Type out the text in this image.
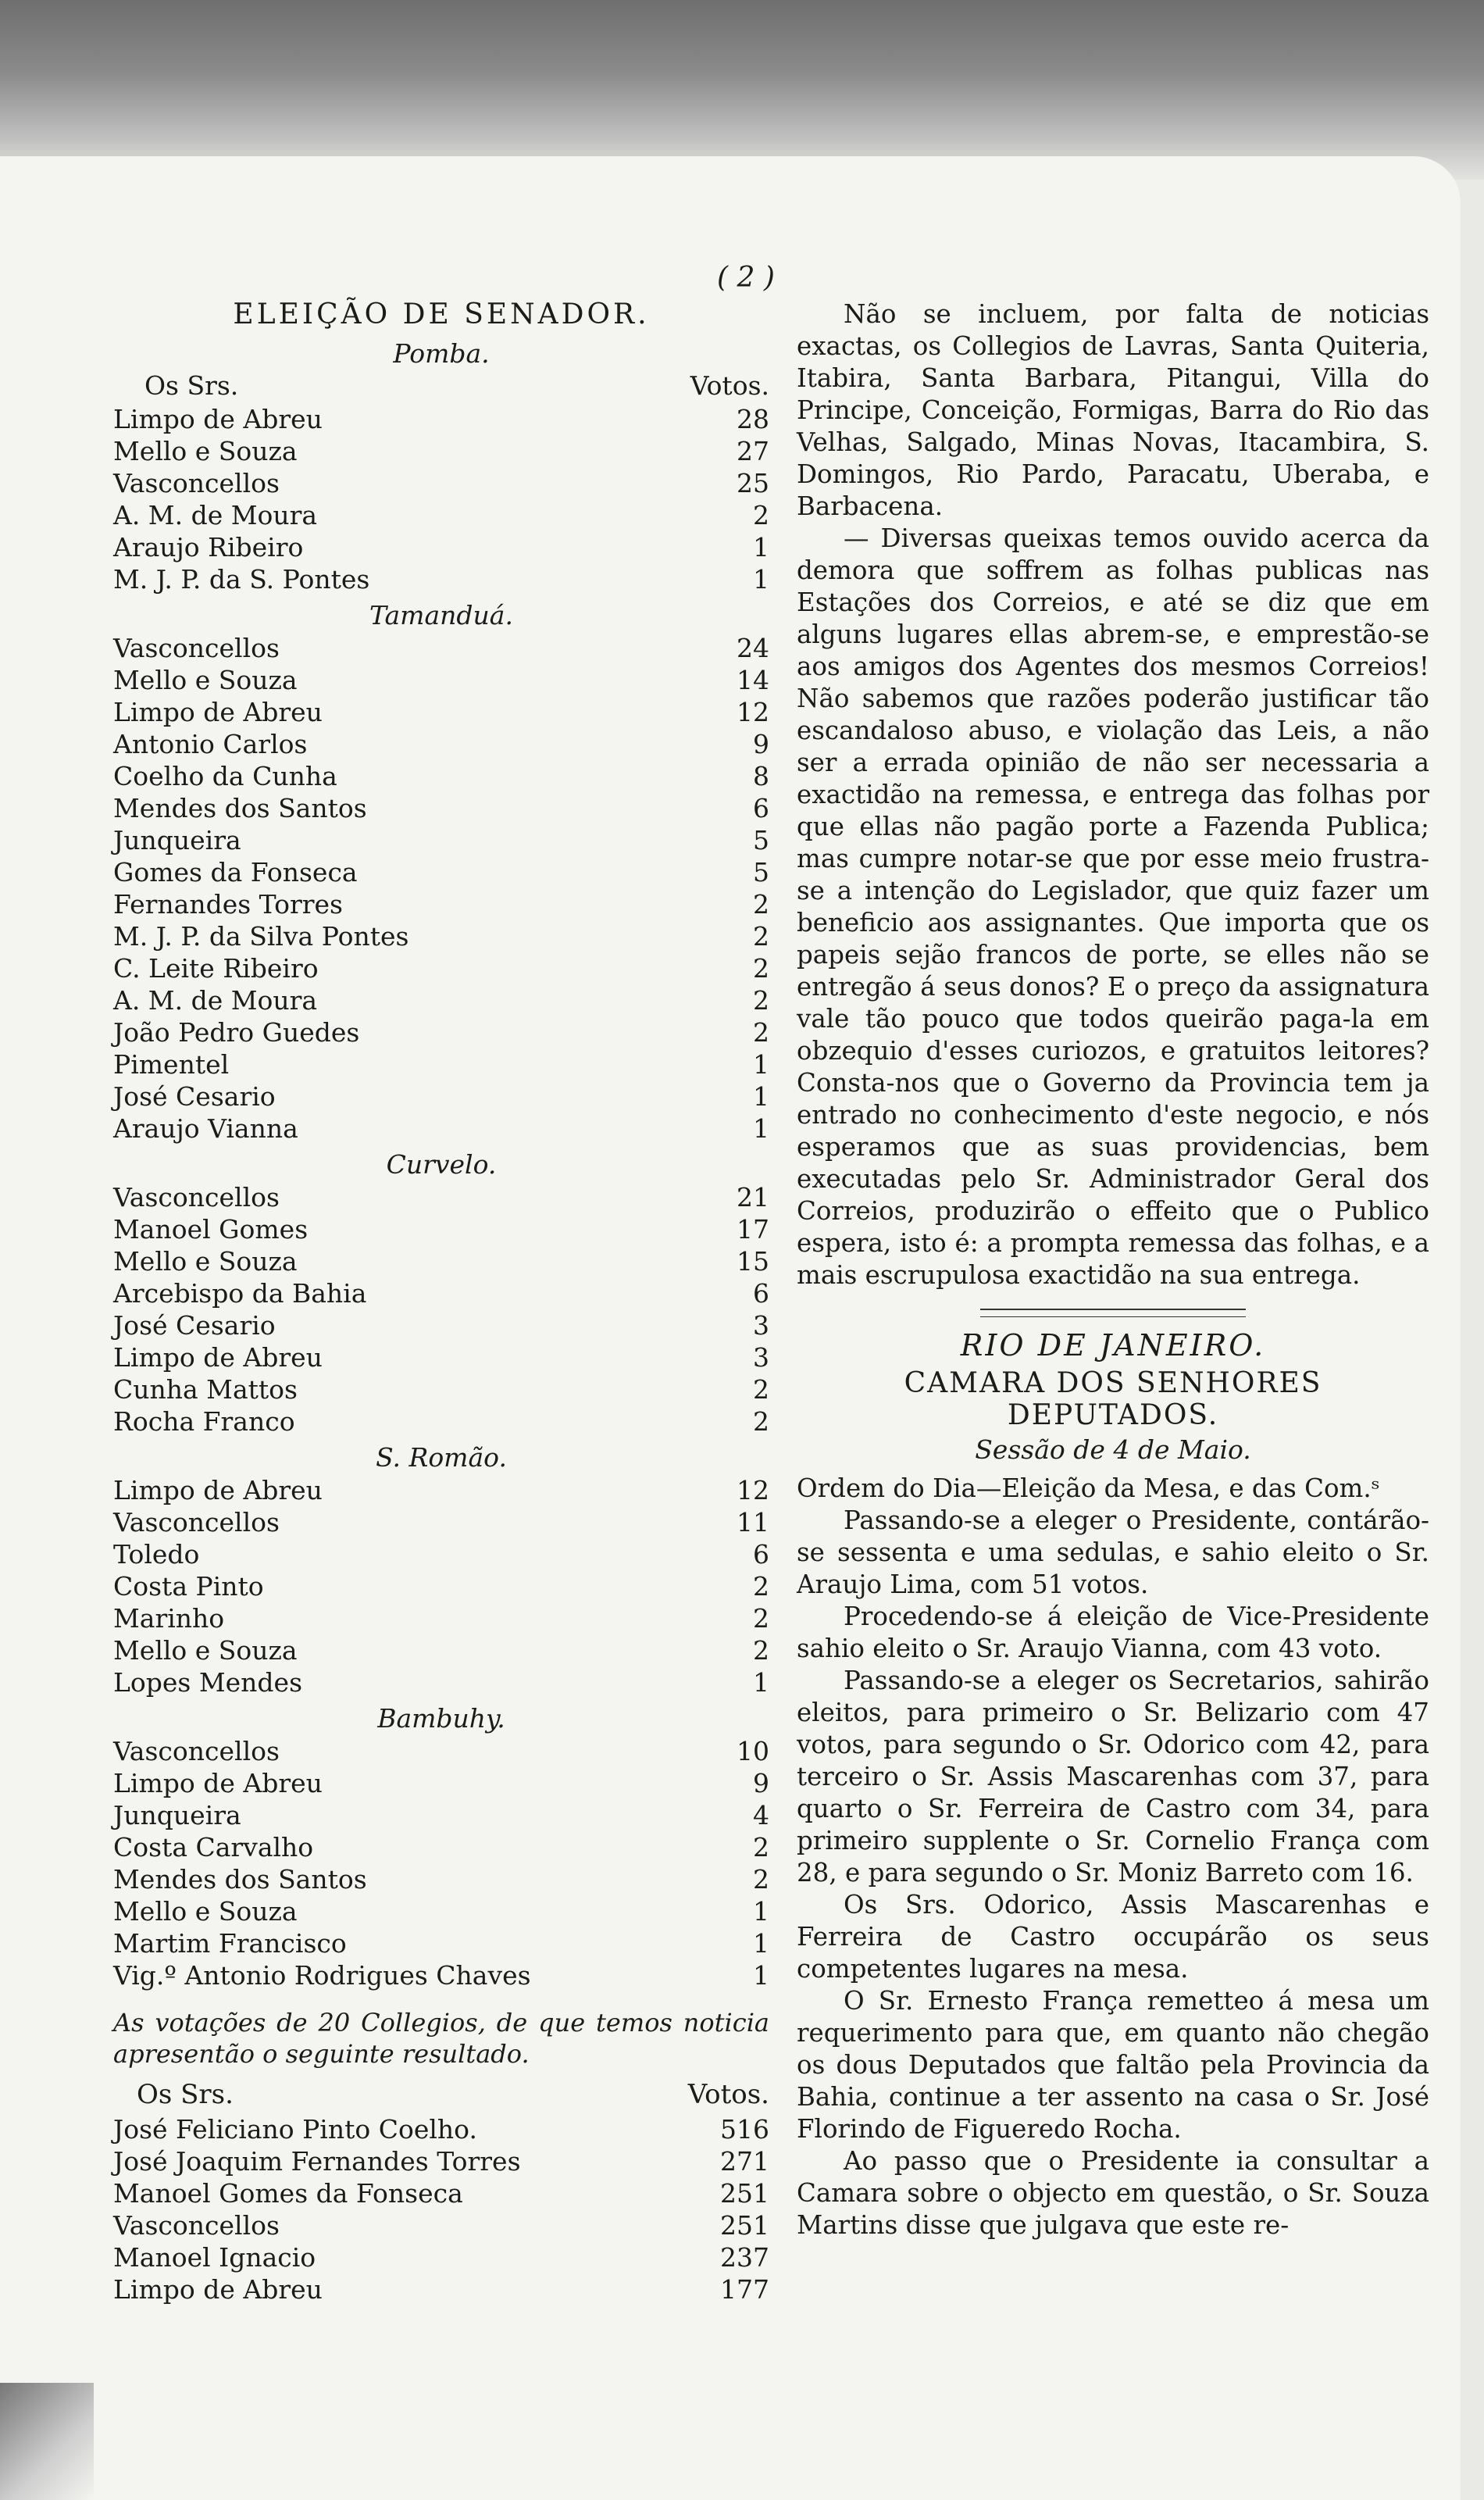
( 2 )
ELEIÇÃO DE SENADOR.
Pomba.
Os Srs.	Votos.
Limpo de Abreu	28
Mello e Souza	27
Vasconcellos	25
A. M. de Moura	2
Araujo Ribeiro	1
M. J. P. da S. Pontes	1
Tamanduá.
Vasconcellos	24
Mello e Souza	14
Limpo de Abreu	12
Antonio Carlos	9
Coelho da Cunha	8
Mendes dos Santos	6
Junqueira	5
Gomes da Fonseca	5
Fernandes Torres	2
M. J. P. da Silva Pontes	2
C. Leite Ribeiro	2
A. M. de Moura	2
João Pedro Guedes	2
Pimentel	1
José Cesario	1
Araujo Vianna	1
Curvelo.
Vasconcellos	21
Manoel Gomes	17
Mello e Souza	15
Arcebispo da Bahia	6
José Cesario	3
Limpo de Abreu	3
Cunha Mattos	2
Rocha Franco	2
S. Romão.
Limpo de Abreu	12
Vasconcellos	11
Toledo	6
Costa Pinto	2
Marinho	2
Mello e Souza	2
Lopes Mendes	1
Bambuhy.
Vasconcellos	10
Limpo de Abreu	9
Junqueira	4
Costa Carvalho	2
Mendes dos Santos	2
Mello e Souza	1
Martim Francisco	1
Vig.º Antonio Rodrigues Chaves	1

As votações de 20 Collegios, de que temos noticia apresentão o seguinte resultado.

Os Srs.	Votos.
José Feliciano Pinto Coelho.	516
José Joaquim Fernandes Torres	271
Manoel Gomes da Fonseca	251
Vasconcellos	251
Manoel Ignacio	237
Limpo de Abreu	177

Não se incluem, por falta de noticias exactas, os Collegios de Lavras, Santa Quiteria, Itabira, Santa Barbara, Pitangui, Villa do Principe, Conceição, Formigas, Barra do Rio das Velhas, Salgado, Minas Novas, Itacambira, S. Domingos, Rio Pardo, Paracatu, Uberaba, e Barbacena.

— Diversas queixas temos ouvido acerca da demora que soffrem as folhas publicas nas Estações dos Correios, e até se diz que em alguns lugares ellas abrem-se, e emprestão-se aos amigos dos Agentes dos mesmos Correios! Não sabemos que razões poderão justificar tão escandaloso abuso, e violação das Leis, a não ser a errada opinião de não ser necessaria a exactidão na remessa, e entrega das folhas por que ellas não pagão porte a Fazenda Publica; mas cumpre notar-se que por esse meio frustra-se a intenção do Legislador, que quiz fazer um beneficio aos assignantes. Que importa que os papeis sejão francos de porte, se elles não se entregão á seus donos? E o preço da assignatura vale tão pouco que todos queirão paga-la em obzequio d'esses curiozos, e gratuitos leitores? Consta-nos que o Governo da Provincia tem ja entrado no conhecimento d'este negocio, e nós esperamos que as suas providencias, bem executadas pelo Sr. Administrador Geral dos Correios, produzirão o effeito que o Publico espera, isto é: a prompta remessa das folhas, e a mais escrupulosa exactidão na sua entrega.

RIO DE JANEIRO.
CAMARA DOS SENHORES DEPUTADOS.
Sessão de 4 de Maio.

Ordem do Dia—Eleição da Mesa, e das Com.ˢ

Passando-se a eleger o Presidente, contárão-se sessenta e uma sedulas, e sahio eleito o Sr. Araujo Lima, com 51 votos.

Procedendo-se á eleição de Vice-Presidente sahio eleito o Sr. Araujo Vianna, com 43 voto.

Passando-se a eleger os Secretarios, sahirão eleitos, para primeiro o Sr. Belizario com 47 votos, para segundo o Sr. Odorico com 42, para terceiro o Sr. Assis Mascarenhas com 37, para quarto o Sr. Ferreira de Castro com 34, para primeiro supplente o Sr. Cornelio França com 28, e para segundo o Sr. Moniz Barreto com 16.

Os Srs. Odorico, Assis Mascarenhas e Ferreira de Castro occupárão os seus competentes lugares na mesa.

O Sr. Ernesto França remetteo á mesa um requerimento para que, em quanto não chegão os dous Deputados que faltão pela Provincia da Bahia, continue a ter assento na casa o Sr. José Florindo de Figueredo Rocha.

Ao passo que o Presidente ia consultar a Camara sobre o objecto em questão, o Sr. Souza Martins disse que julgava que este re-
